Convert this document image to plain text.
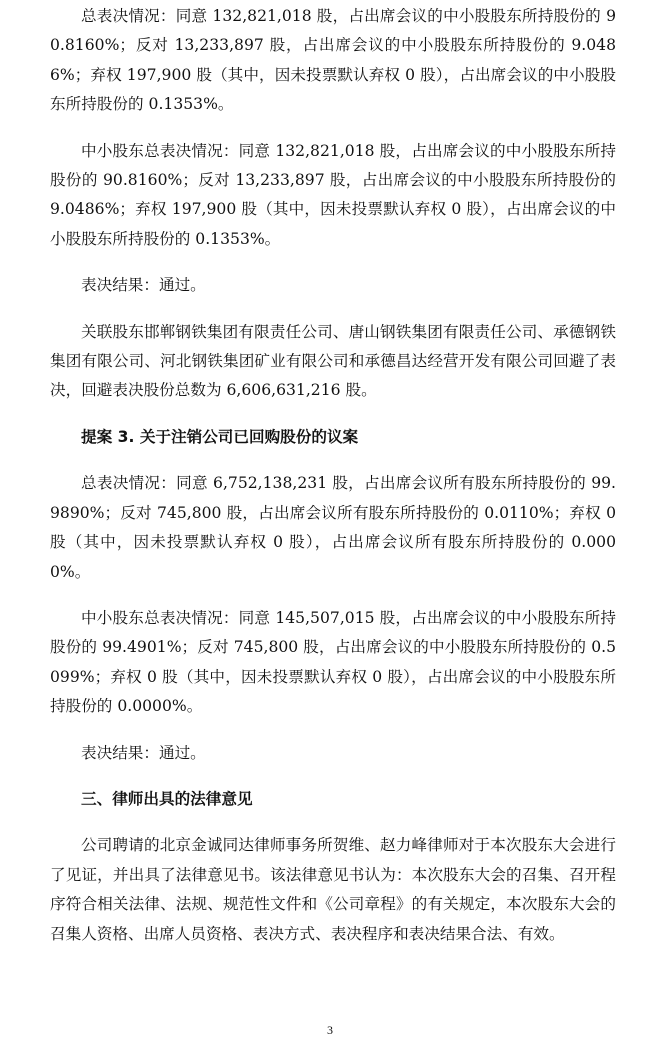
总表决情况：同意 132,821,018 股，占出席会议的中小股股东所持股份的 90.8160%；反对 13,233,897 股，占出席会议的中小股股东所持股份的 9.0486%；弃权 197,900 股（其中，因未投票默认弃权 0 股），占出席会议的中小股股东所持股份的 0.1353%。

中小股东总表决情况：同意 132,821,018 股，占出席会议的中小股股东所持股份的 90.8160%；反对 13,233,897 股，占出席会议的中小股股东所持股份的 9.0486%；弃权 197,900 股（其中，因未投票默认弃权 0 股），占出席会议的中小股股东所持股份的 0.1353%。

表决结果：通过。

关联股东邯郸钢铁集团有限责任公司、唐山钢铁集团有限责任公司、承德钢铁集团有限公司、河北钢铁集团矿业有限公司和承德昌达经营开发有限公司回避了表决，回避表决股份总数为 6,606,631,216 股。

提案 3. 关于注销公司已回购股份的议案

总表决情况：同意 6,752,138,231 股，占出席会议所有股东所持股份的 99.9890%；反对 745,800 股，占出席会议所有股东所持股份的 0.0110%；弃权 0 股（其中，因未投票默认弃权 0 股），占出席会议所有股东所持股份的 0.0000%。

中小股东总表决情况：同意 145,507,015 股，占出席会议的中小股股东所持股份的 99.4901%；反对 745,800 股，占出席会议的中小股股东所持股份的 0.5099%；弃权 0 股（其中，因未投票默认弃权 0 股），占出席会议的中小股股东所持股份的 0.0000%。

表决结果：通过。

三、律师出具的法律意见

公司聘请的北京金诚同达律师事务所贺维、赵力峰律师对于本次股东大会进行了见证，并出具了法律意见书。该法律意见书认为：本次股东大会的召集、召开程序符合相关法律、法规、规范性文件和《公司章程》的有关规定，本次股东大会的召集人资格、出席人员资格、表决方式、表决程序和表决结果合法、有效。

3
